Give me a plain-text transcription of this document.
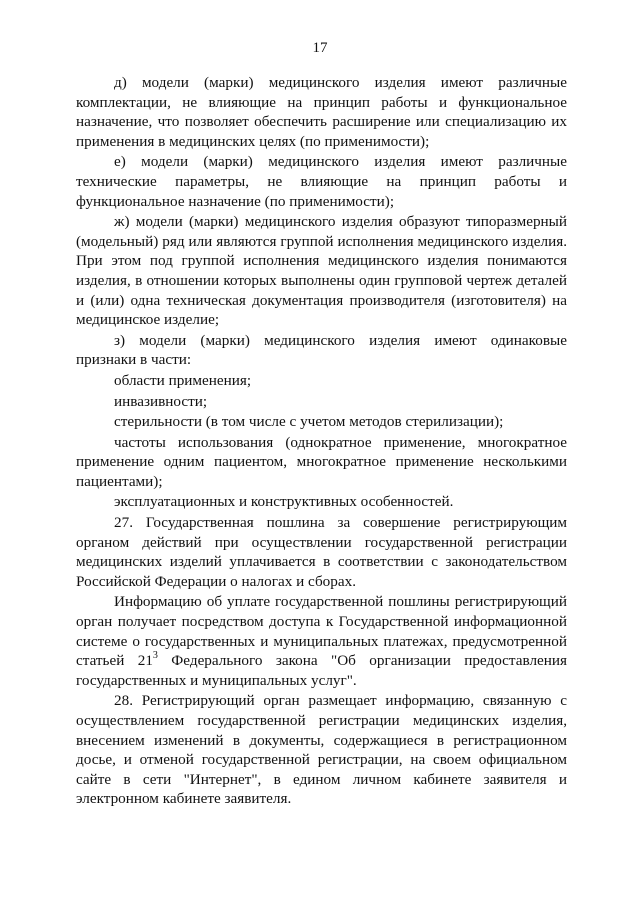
17

д) модели (марки) медицинского изделия имеют различные комплектации, не влияющие на принцип работы и функциональное назначение, что позволяет обеспечить расширение или специализацию их применения в медицинских целях (по применимости);

е) модели (марки) медицинского изделия имеют различные технические параметры, не влияющие на принцип работы и функциональное назначение (по применимости);

ж) модели (марки) медицинского изделия образуют типоразмерный (модельный) ряд или являются группой исполнения медицинского изделия. При этом под группой исполнения медицинского изделия понимаются изделия, в отношении которых выполнены один групповой чертеж деталей и (или) одна техническая документация производителя (изготовителя) на медицинское изделие;

з) модели (марки) медицинского изделия имеют одинаковые признаки в части:

области применения;

инвазивности;

стерильности (в том числе с учетом методов стерилизации);

частоты использования (однократное применение, многократное применение одним пациентом, многократное применение несколькими пациентами);

эксплуатационных и конструктивных особенностей.

27. Государственная пошлина за совершение регистрирующим органом действий при осуществлении государственной регистрации медицинских изделий уплачивается в соответствии с законодательством Российской Федерации о налогах и сборах.

Информацию об уплате государственной пошлины регистрирующий орган получает посредством доступа к Государственной информационной системе о государственных и муниципальных платежах, предусмотренной статьей $21^3$ Федерального закона "Об организации предоставления государственных и муниципальных услуг".

28. Регистрирующий орган размещает информацию, связанную с осуществлением государственной регистрации медицинских изделия, внесением изменений в документы, содержащиеся в регистрационном досье, и отменой государственной регистрации, на своем официальном сайте в сети "Интернет", в едином личном кабинете заявителя и электронном кабинете заявителя.
